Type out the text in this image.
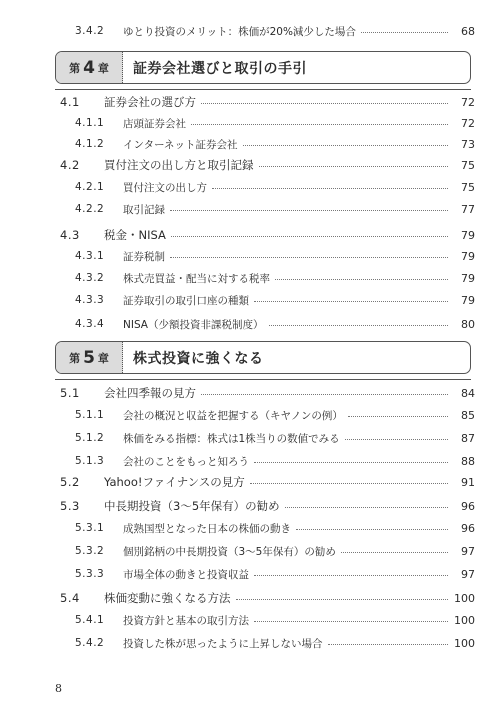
3.4.2	ゆとり投資のメリット：株価が20%減少した場合	68
第 4 章 証券会社選びと取引の手引
4.1	証券会社の選び方	72
4.1.1	店頭証券会社	72
4.1.2	インターネット証券会社	73
4.2	買付注文の出し方と取引記録	75
4.2.1	買付注文の出し方	75
4.2.2	取引記録	77
4.3	税金・NISA	79
4.3.1	証券税制	79
4.3.2	株式売買益・配当に対する税率	79
4.3.3	証券取引の取引口座の種類	79
4.3.4	NISA（少額投資非課税制度）	80
第 5 章 株式投資に強くなる
5.1	会社四季報の見方	84
5.1.1	会社の概況と収益を把握する（キヤノンの例）	85
5.1.2	株価をみる指標：株式は1株当りの数値でみる	87
5.1.3	会社のことをもっと知ろう	88
5.2	Yahoo!ファイナンスの見方	91
5.3	中長期投資（3～5年保有）の勧め	96
5.3.1	成熟国型となった日本の株価の動き	96
5.3.2	個別銘柄の中長期投資（3～5年保有）の勧め	97
5.3.3	市場全体の動きと投資収益	97
5.4	株価変動に強くなる方法	100
5.4.1	投資方針と基本の取引方法	100
5.4.2	投資した株が思ったように上昇しない場合	100
8
